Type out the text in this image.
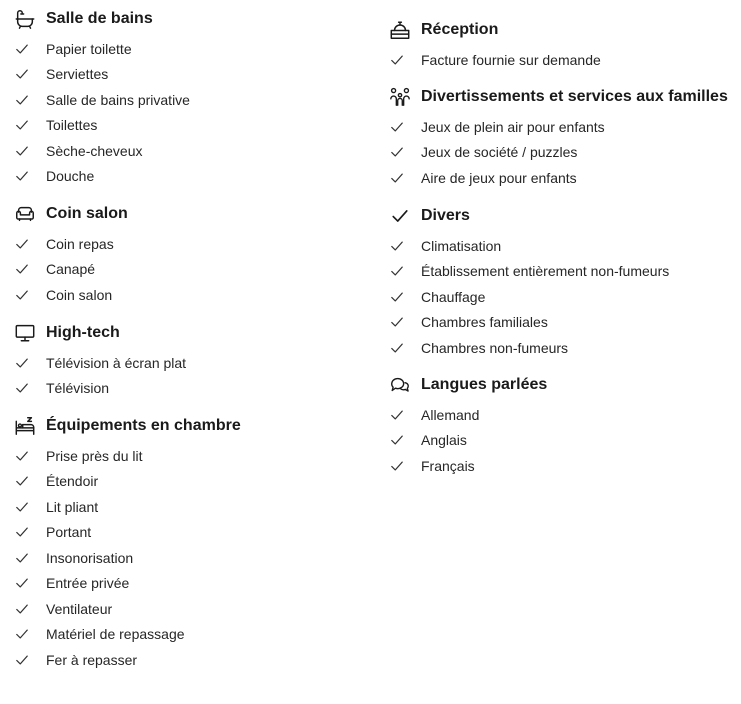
Salle de bains
Papier toilette
Serviettes
Salle de bains privative
Toilettes
Sèche-cheveux
Douche
Coin salon
Coin repas
Canapé
Coin salon
High-tech
Télévision à écran plat
Télévision
Équipements en chambre
Prise près du lit
Étendoir
Lit pliant
Portant
Insonorisation
Entrée privée
Ventilateur
Matériel de repassage
Fer à repasser
Réception
Facture fournie sur demande
Divertissements et services aux familles
Jeux de plein air pour enfants
Jeux de société / puzzles
Aire de jeux pour enfants
Divers
Climatisation
Établissement entièrement non-fumeurs
Chauffage
Chambres familiales
Chambres non-fumeurs
Langues parlées
Allemand
Anglais
Français
